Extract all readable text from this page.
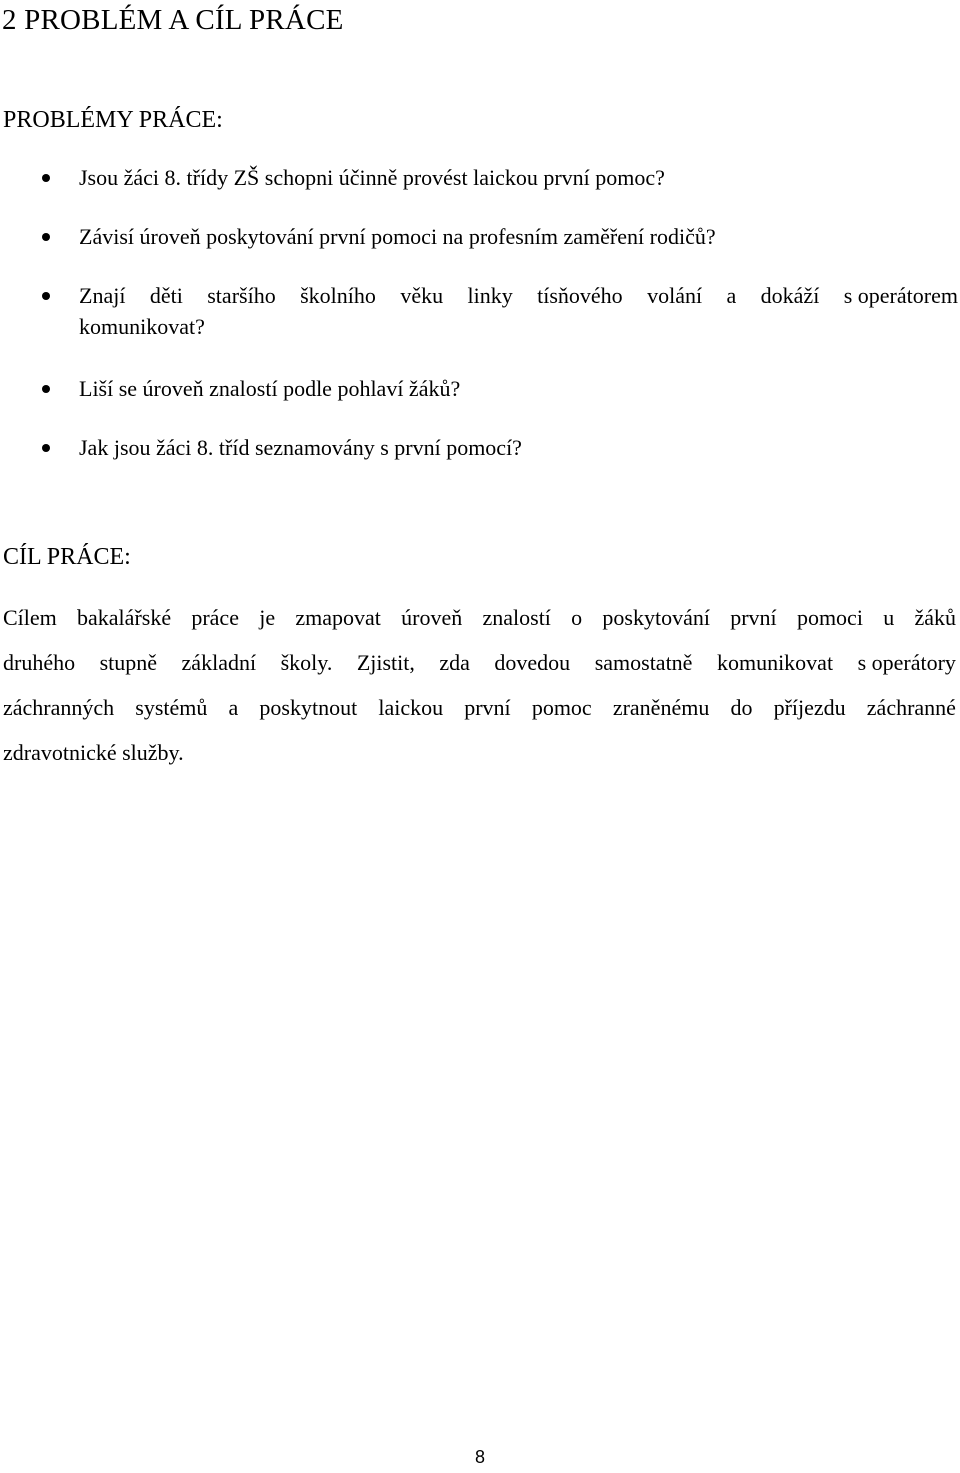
2 PROBLÉM A CÍL PRÁCE

PROBLÉMY PRÁCE:

Jsou žáci 8. třídy ZŠ schopni účinně provést laickou první pomoc?
Závisí úroveň poskytování první pomoci na profesním zaměření rodičů?
Znají děti staršího školního věku linky tísňového volání a dokáží s operátorem
komunikovat?
Liší se úroveň znalostí podle pohlaví žáků?
Jak jsou žáci 8. tříd seznamovány s první pomocí?

CÍL PRÁCE:

Cílem bakalářské práce je zmapovat úroveň znalostí o poskytování první pomoci u žáků
druhého stupně základní školy. Zjistit, zda dovedou samostatně komunikovat s operátory
záchranných systémů a poskytnout laickou první pomoc zraněnému do příjezdu záchranné
zdravotnické služby.

8
